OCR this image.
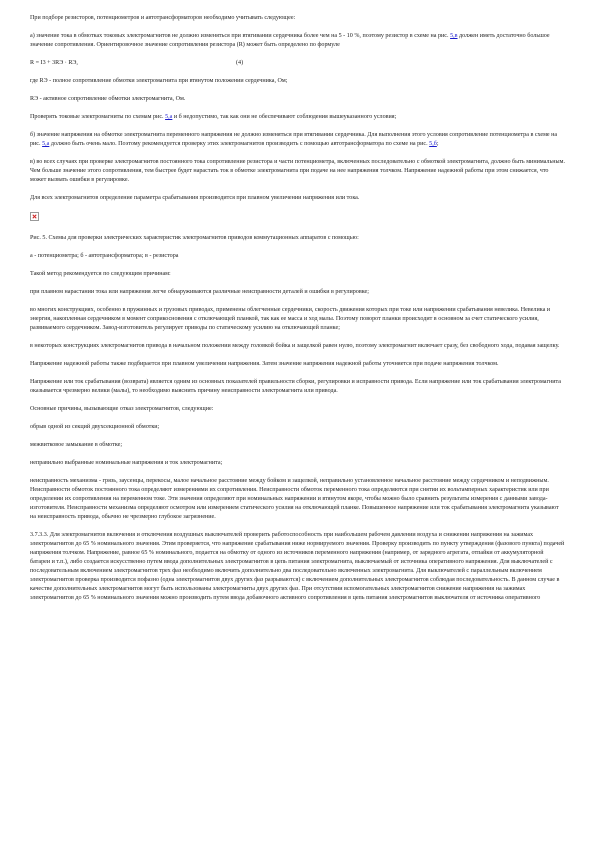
При подборе резисторов, потенциометров и автотрансформаторов необходимо учитывать следующее:

а) значение тока в обмотках токовых электромагнитов не должно изменяться при втягивании сердечника более чем на 5 - 10 %, поэтому резистор в схеме на рис. 5,в должен иметь достаточно большое значение сопротивления. Ориентировочное значение сопротивления резистора (R) может быть определено по формуле

R = I3 + 3RЭ · RЭ,	(4)

где RЭ - полное сопротивление обмотки электромагнита при втянутом положении сердечника, Ом;

RЭ - активное сопротивление обмотки электромагнита, Ом.

Проверять токовые электромагниты по схемам рис. 5,а и б недопустимо, так как они не обеспечивают соблюдения вышеуказанного условия;

б) значение напряжения на обмотке электромагнита переменного напряжения не должно изменяться при втягивании сердечника. Для выполнения этого условия сопротивление потенциометра в схеме на рис. 5,а должно быть очень мало. Поэтому рекомендуется проверку этих электромагнитов производить с помощью автотрансформатора по схеме на рис. 5,б;

в) во всех случаях при проверке электромагнитов постоянного тока сопротивление резистора и части потенциометра, включенных последовательно с обмоткой электромагнита, должно быть минимальным. Чем больше значение этого сопротивления, тем быстрее будет нарастать ток в обмотке электромагнита при подаче на нее напряжения толчком. Напряжение надежной работы при этом снижается, что может вызвать ошибки в регулировке.

Для всех электромагнитов определение параметра срабатывания производится при плавном увеличении напряжения или тока.

Рис. 5. Схемы для проверки электрических характеристик электромагнитов приводов коммутационных аппаратов с помощью:

а - потенциометра; б - автотрансформатора; в - резистора

Такой метод рекомендуется по следующим причинам:

при плавном нарастании тока или напряжения легче обнаруживаются различные неисправности деталей и ошибки в регулировке;

во многих конструкциях, особенно в пружинных и грузовых приводах, применены облегченные сердечники, скорость движения которых при токе или напряжении срабатывания невелика. Невелика и энергия, накопленная сердечником в момент соприкосновения с отключающей планкой, так как ее масса и ход малы. Поэтому поворот планки происходит в основном за счет статического усилия, развиваемого сердечником. Завод-изготовитель регулирует приводы по статическому усилию на отключающей планке;

в некоторых конструкциях электромагнитов привода в начальном положении между головкой бойка и защелкой равен нулю, поэтому электромагнит включает сразу, без свободного хода, подавая защелку.

Напряжение надежной работы также подбирается при плавном увеличении напряжения. Затем значение напряжения надежной работы уточняется при подаче напряжения толчком.

Напряжение или ток срабатывания (возврата) является одним из основных показателей правильности сборки, регулировки и исправности привода. Если напряжение или ток срабатывания электромагнита оказывается чрезмерно велики (малы), то необходимо выяснить причину неисправности электромагнита или привода.

Основные причины, вызывающие отказ электромагнитов, следующие:

обрыв одной из секций двухсекционной обмотки;

межвитковое замыкание в обмотке;

неправильно выбранные номинальные напряжения и ток электромагнита;

неисправность механизма - грязь, заусенцы, перекосы, малое начальное расстояние между бойком и защелкой, неправильно установленное начальное расстояние между сердечником и неподвижным. Неисправности обмоток постоянного тока определяют измерениями их сопротивления. Неисправности обмоток переменного тока определяются при снятии их вольтамперных характеристик или при определении их сопротивления на переменном токе. Эти значения определяют при номинальных напряжении и втянутом якоре, чтобы можно было сравнить результаты измерения с данными завода-изготовителя. Неисправности механизма определяют осмотром или измерением статического усилия на отключающей планке. Повышенное напряжение или ток срабатывания электромагнита указывают на неисправность привода, обычно не чрезмерно глубокое загрязнение.

3.7.3.3. Для электромагнитов включения и отключения воздушных выключателей проверить работоспособность при наибольшем рабочем давлении воздуха и снижении напряжения на зажимах электромагнитов до 65 % номинального значения. Этим проверяется, что напряжение срабатывания ниже нормируемого значения. Проверку производить по пункту утверждения (фазового пункта) подачей напряжения толчком. Напряжение, равное 65 % номинального, подается на обмотку от одного из источников переменного напряжения (например, от зарядного агрегата, отпайки от аккумуляторной батареи и т.п.), либо создается искусственно путем ввода дополнительных электромагнитов в цепь питания электромагнита, выключаемый от источника оперативного напряжения. Для выключателей с последовательным включением электромагнитов трех фаз необходимо включить дополнительно два последовательно включенных электромагнита. Для выключателей с параллельным включением электромагнитов проверка производится пофазно (одна электромагнитов двух других фаз разрываются) с включением дополнительных электромагнитов соблюдая последовательность. В данном случае в качестве дополнительных электромагнитов могут быть использованы электромагниты двух других фаз. При отсутствии вспомогательных электромагнитов снижение напряжения на зажимах электромагнитов до 65 % номинального значения можно производить путем ввода добавочного активного сопротивления в цепь питания электромагнитов выключателя от источника оперативного
